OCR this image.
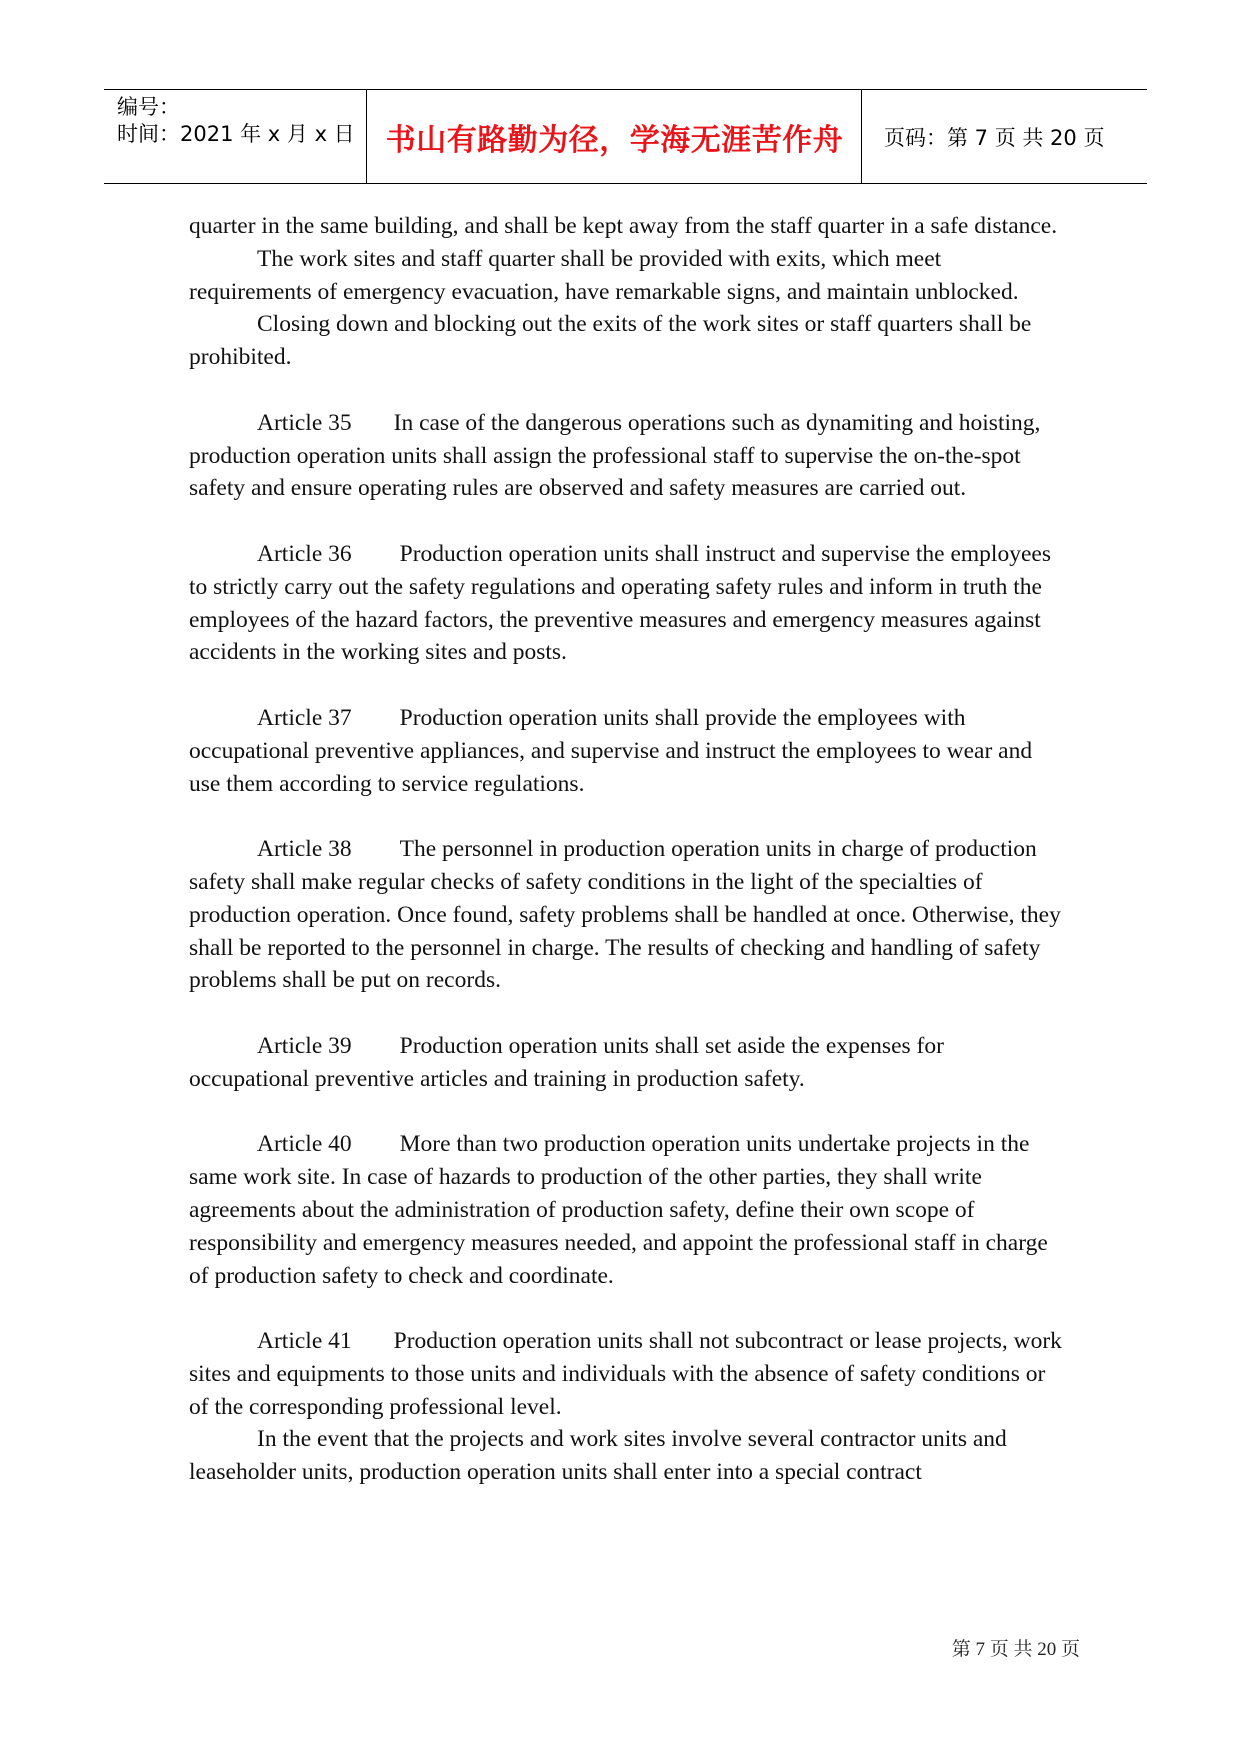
编号：
时间：2021 年 x 月 x 日	书山有路勤为径，学海无涯苦作舟	页码：第 7 页 共 20 页

quarter in the same building, and shall be kept away from the staff quarter in a safe distance.

The work sites and staff quarter shall be provided with exits, which meet requirements of emergency evacuation, have remarkable signs, and maintain unblocked.

Closing down and blocking out the exits of the work sites or staff quarters shall be prohibited.

Article 35 In case of the dangerous operations such as dynamiting and hoisting, production operation units shall assign the professional staff to supervise the on-the-spot safety and ensure operating rules are observed and safety measures are carried out.

Article 36 Production operation units shall instruct and supervise the employees to strictly carry out the safety regulations and operating safety rules and inform in truth the employees of the hazard factors, the preventive measures and emergency measures against accidents in the working sites and posts.

Article 37 Production operation units shall provide the employees with occupational preventive appliances, and supervise and instruct the employees to wear and use them according to service regulations.

Article 38 The personnel in production operation units in charge of production safety shall make regular checks of safety conditions in the light of the specialties of production operation. Once found, safety problems shall be handled at once. Otherwise, they shall be reported to the personnel in charge. The results of checking and handling of safety problems shall be put on records.

Article 39 Production operation units shall set aside the expenses for occupational preventive articles and training in production safety.

Article 40 More than two production operation units undertake projects in the same work site. In case of hazards to production of the other parties, they shall write agreements about the administration of production safety, define their own scope of responsibility and emergency measures needed, and appoint the professional staff in charge of production safety to check and coordinate.

Article 41 Production operation units shall not subcontract or lease projects, work sites and equipments to those units and individuals with the absence of safety conditions or of the corresponding professional level.

In the event that the projects and work sites involve several contractor units and leaseholder units, production operation units shall enter into a special contract

第 7 页 共 20 页
